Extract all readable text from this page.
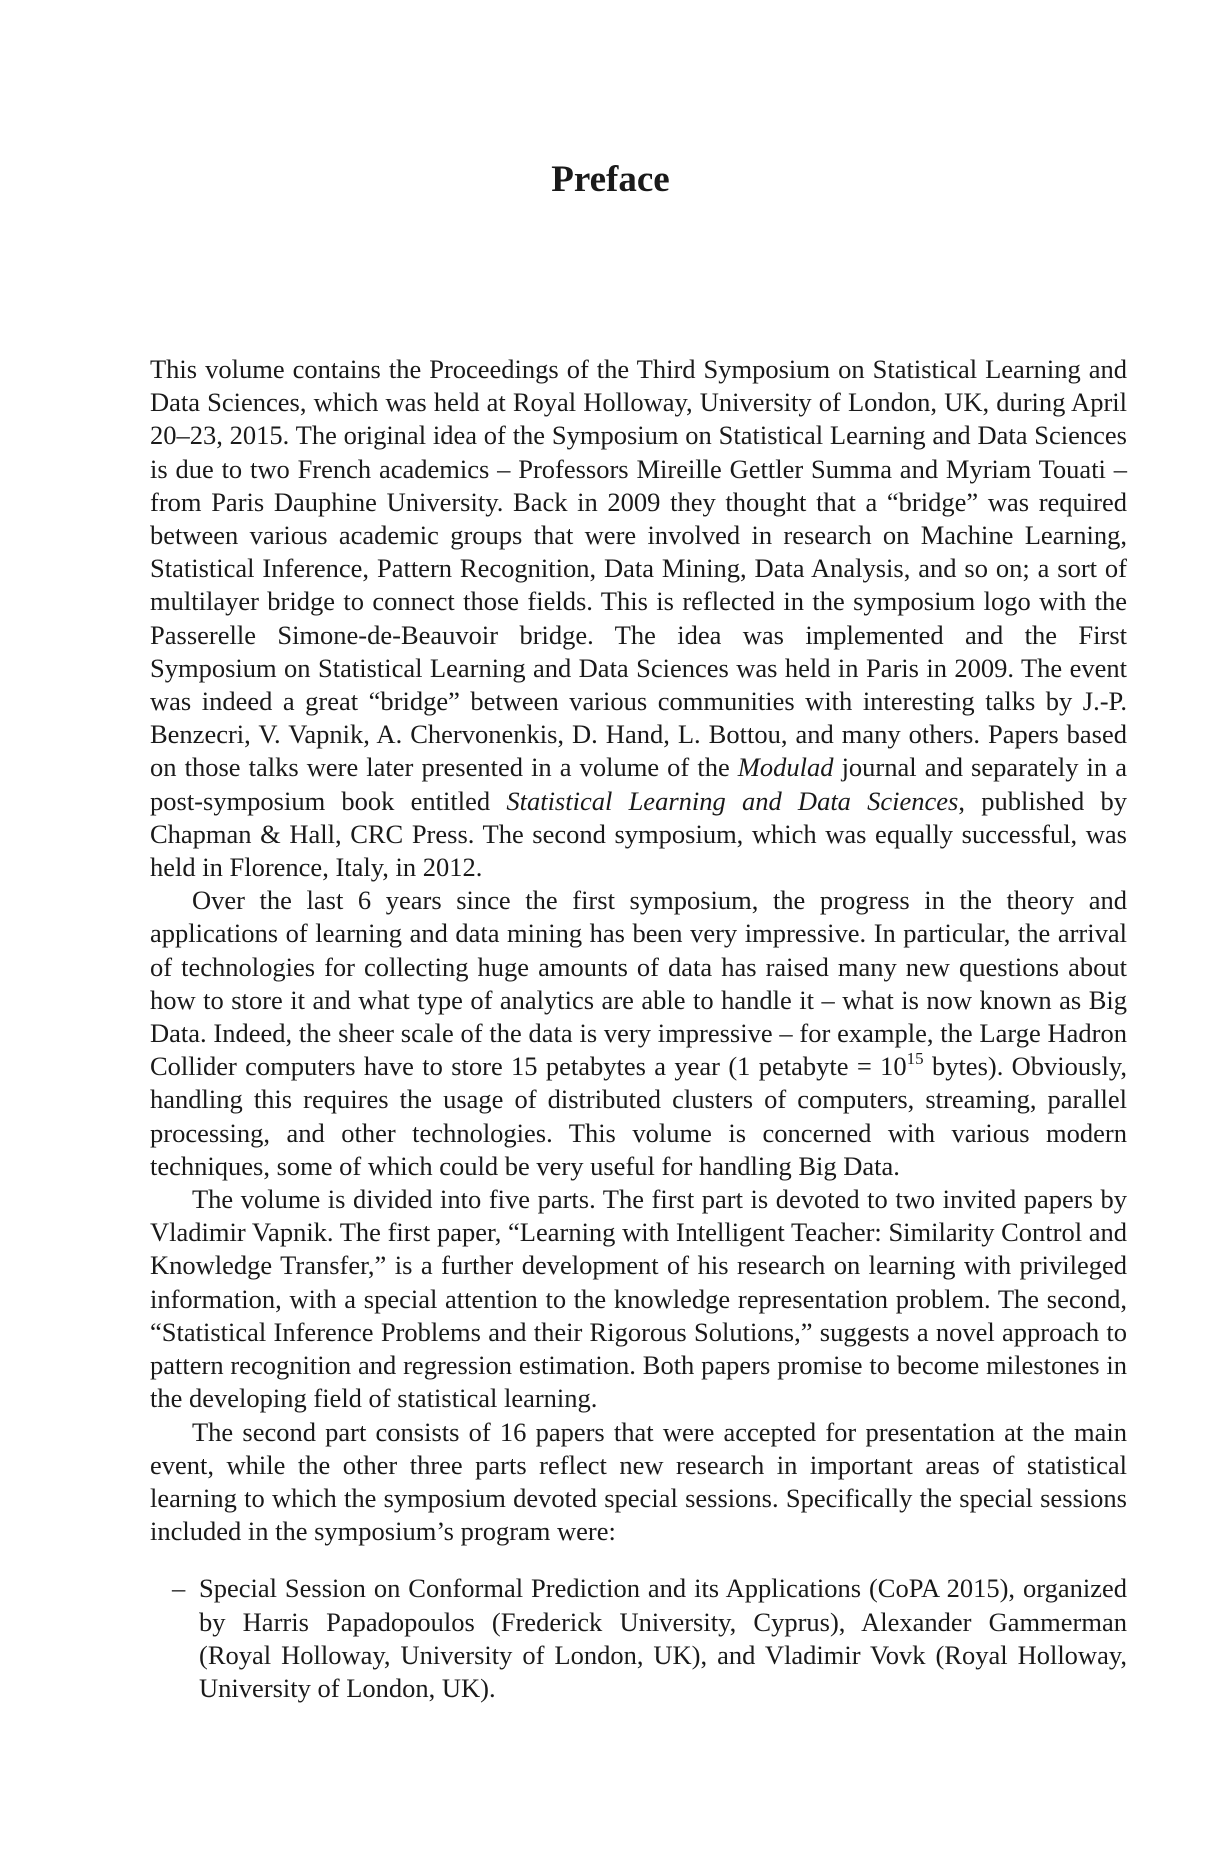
Preface

This volume contains the Proceedings of the Third Symposium on Statistical Learning and Data Sciences, which was held at Royal Holloway, University of London, UK, during April 20–23, 2015. The original idea of the Symposium on Statistical Learning and Data Sciences is due to two French academics – Professors Mireille Gettler Summa and Myriam Touati – from Paris Dauphine University. Back in 2009 they thought that a “bridge” was required between various academic groups that were involved in research on Machine Learning, Statistical Inference, Pattern Recognition, Data Mining, Data Analysis, and so on; a sort of multilayer bridge to connect those fields. This is reflected in the symposium logo with the Passerelle Simone-de-Beauvoir bridge. The idea was implemented and the First Symposium on Statistical Learning and Data Sciences was held in Paris in 2009. The event was indeed a great “bridge” between various communities with interesting talks by J.-P. Benzecri, V. Vapnik, A. Chervonenkis, D. Hand, L. Bottou, and many others. Papers based on those talks were later presented in a volume of the Modulad journal and separately in a post-symposium book entitled Statistical Learning and Data Sciences, published by Chapman & Hall, CRC Press. The second symposium, which was equally successful, was held in Florence, Italy, in 2012.

Over the last 6 years since the first symposium, the progress in the theory and applications of learning and data mining has been very impressive. In particular, the arrival of technologies for collecting huge amounts of data has raised many new questions about how to store it and what type of analytics are able to handle it – what is now known as Big Data. Indeed, the sheer scale of the data is very impressive – for example, the Large Hadron Collider computers have to store 15 petabytes a year (1 petabyte = $10^{15}$ bytes). Obviously, handling this requires the usage of distributed clusters of computers, streaming, parallel processing, and other technologies. This volume is concerned with various modern techniques, some of which could be very useful for handling Big Data.

The volume is divided into five parts. The first part is devoted to two invited papers by Vladimir Vapnik. The first paper, “Learning with Intelligent Teacher: Similarity Control and Knowledge Transfer,” is a further development of his research on learning with privileged information, with a special attention to the knowledge representation problem. The second, “Statistical Inference Problems and their Rigorous Solutions,” suggests a novel approach to pattern recognition and regression estimation. Both papers promise to become milestones in the developing field of statistical learning.

The second part consists of 16 papers that were accepted for presentation at the main event, while the other three parts reflect new research in important areas of statistical learning to which the symposium devoted special sessions. Specifically the special sessions included in the symposium’s program were:

– Special Session on Conformal Prediction and its Applications (CoPA 2015), organized by Harris Papadopoulos (Frederick University, Cyprus), Alexander Gammerman (Royal Holloway, University of London, UK), and Vladimir Vovk (Royal Holloway, University of London, UK).
